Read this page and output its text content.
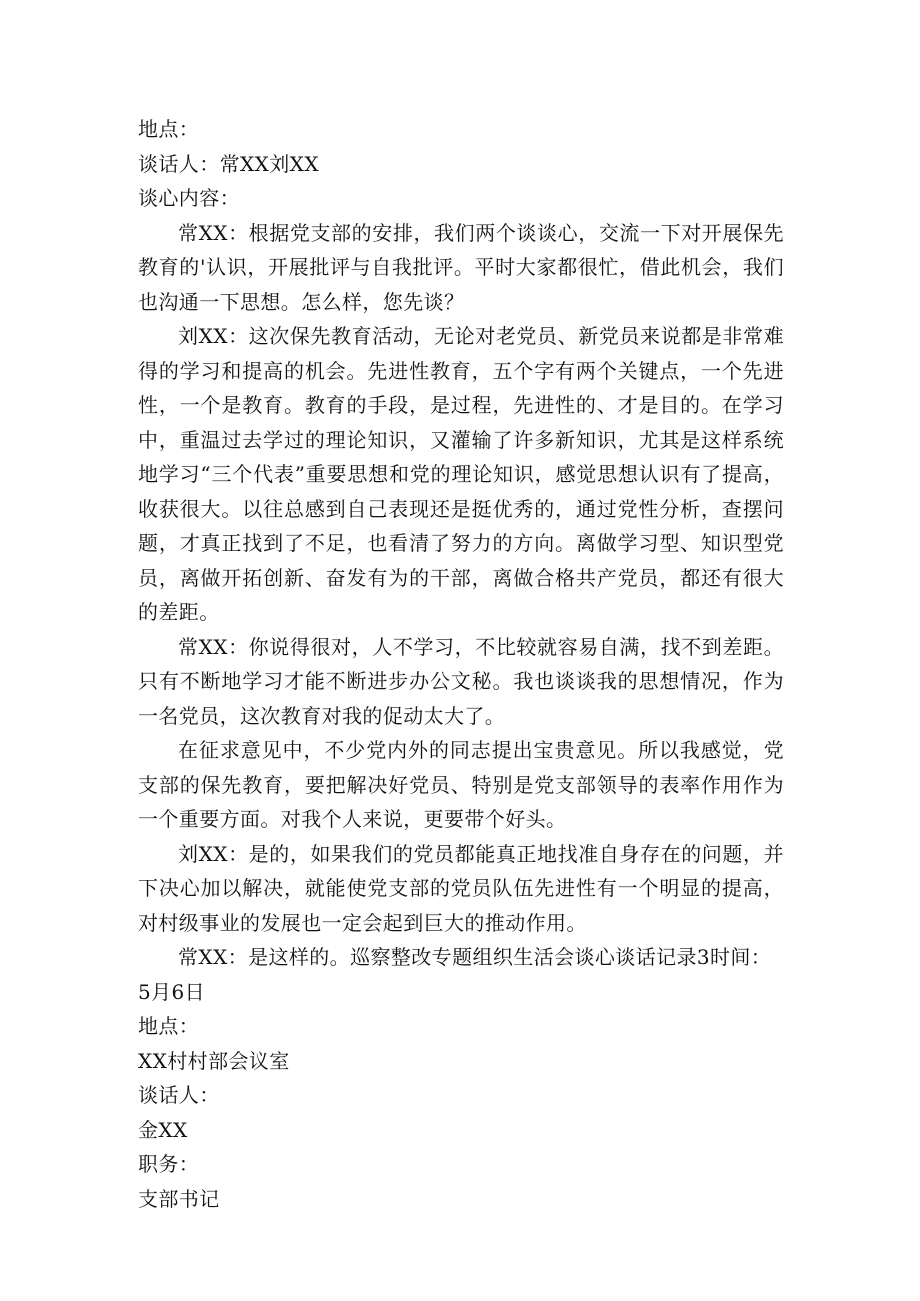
地点：

谈话人：常XX刘XX

谈心内容：

常XX：根据党支部的安排，我们两个谈谈心，交流一下对开展保先教育的'认识，开展批评与自我批评。平时大家都很忙，借此机会，我们也沟通一下思想。怎么样，您先谈？

刘XX：这次保先教育活动，无论对老党员、新党员来说都是非常难得的学习和提高的机会。先进性教育，五个字有两个关键点，一个先进性，一个是教育。教育的手段，是过程，先进性的、才是目的。在学习中，重温过去学过的理论知识，又灌输了许多新知识，尤其是这样系统地学习“三个代表”重要思想和党的理论知识，感觉思想认识有了提高，收获很大。以往总感到自己表现还是挺优秀的，通过党性分析，查摆问题，才真正找到了不足，也看清了努力的方向。离做学习型、知识型党员，离做开拓创新、奋发有为的干部，离做合格共产党员，都还有很大的差距。

常XX：你说得很对，人不学习，不比较就容易自满，找不到差距。只有不断地学习才能不断进步办公文秘。我也谈谈我的思想情况，作为一名党员，这次教育对我的促动太大了。

在征求意见中，不少党内外的同志提出宝贵意见。所以我感觉，党支部的保先教育，要把解决好党员、特别是党支部领导的表率作用作为一个重要方面。对我个人来说，更要带个好头。

刘XX：是的，如果我们的党员都能真正地找准自身存在的问题，并下决心加以解决，就能使党支部的党员队伍先进性有一个明显的提高，对村级事业的发展也一定会起到巨大的推动作用。

常XX：是这样的。巡察整改专题组织生活会谈心谈话记录3时间：

5月6日

地点：

XX村村部会议室

谈话人：

金XX

职务：

支部书记
